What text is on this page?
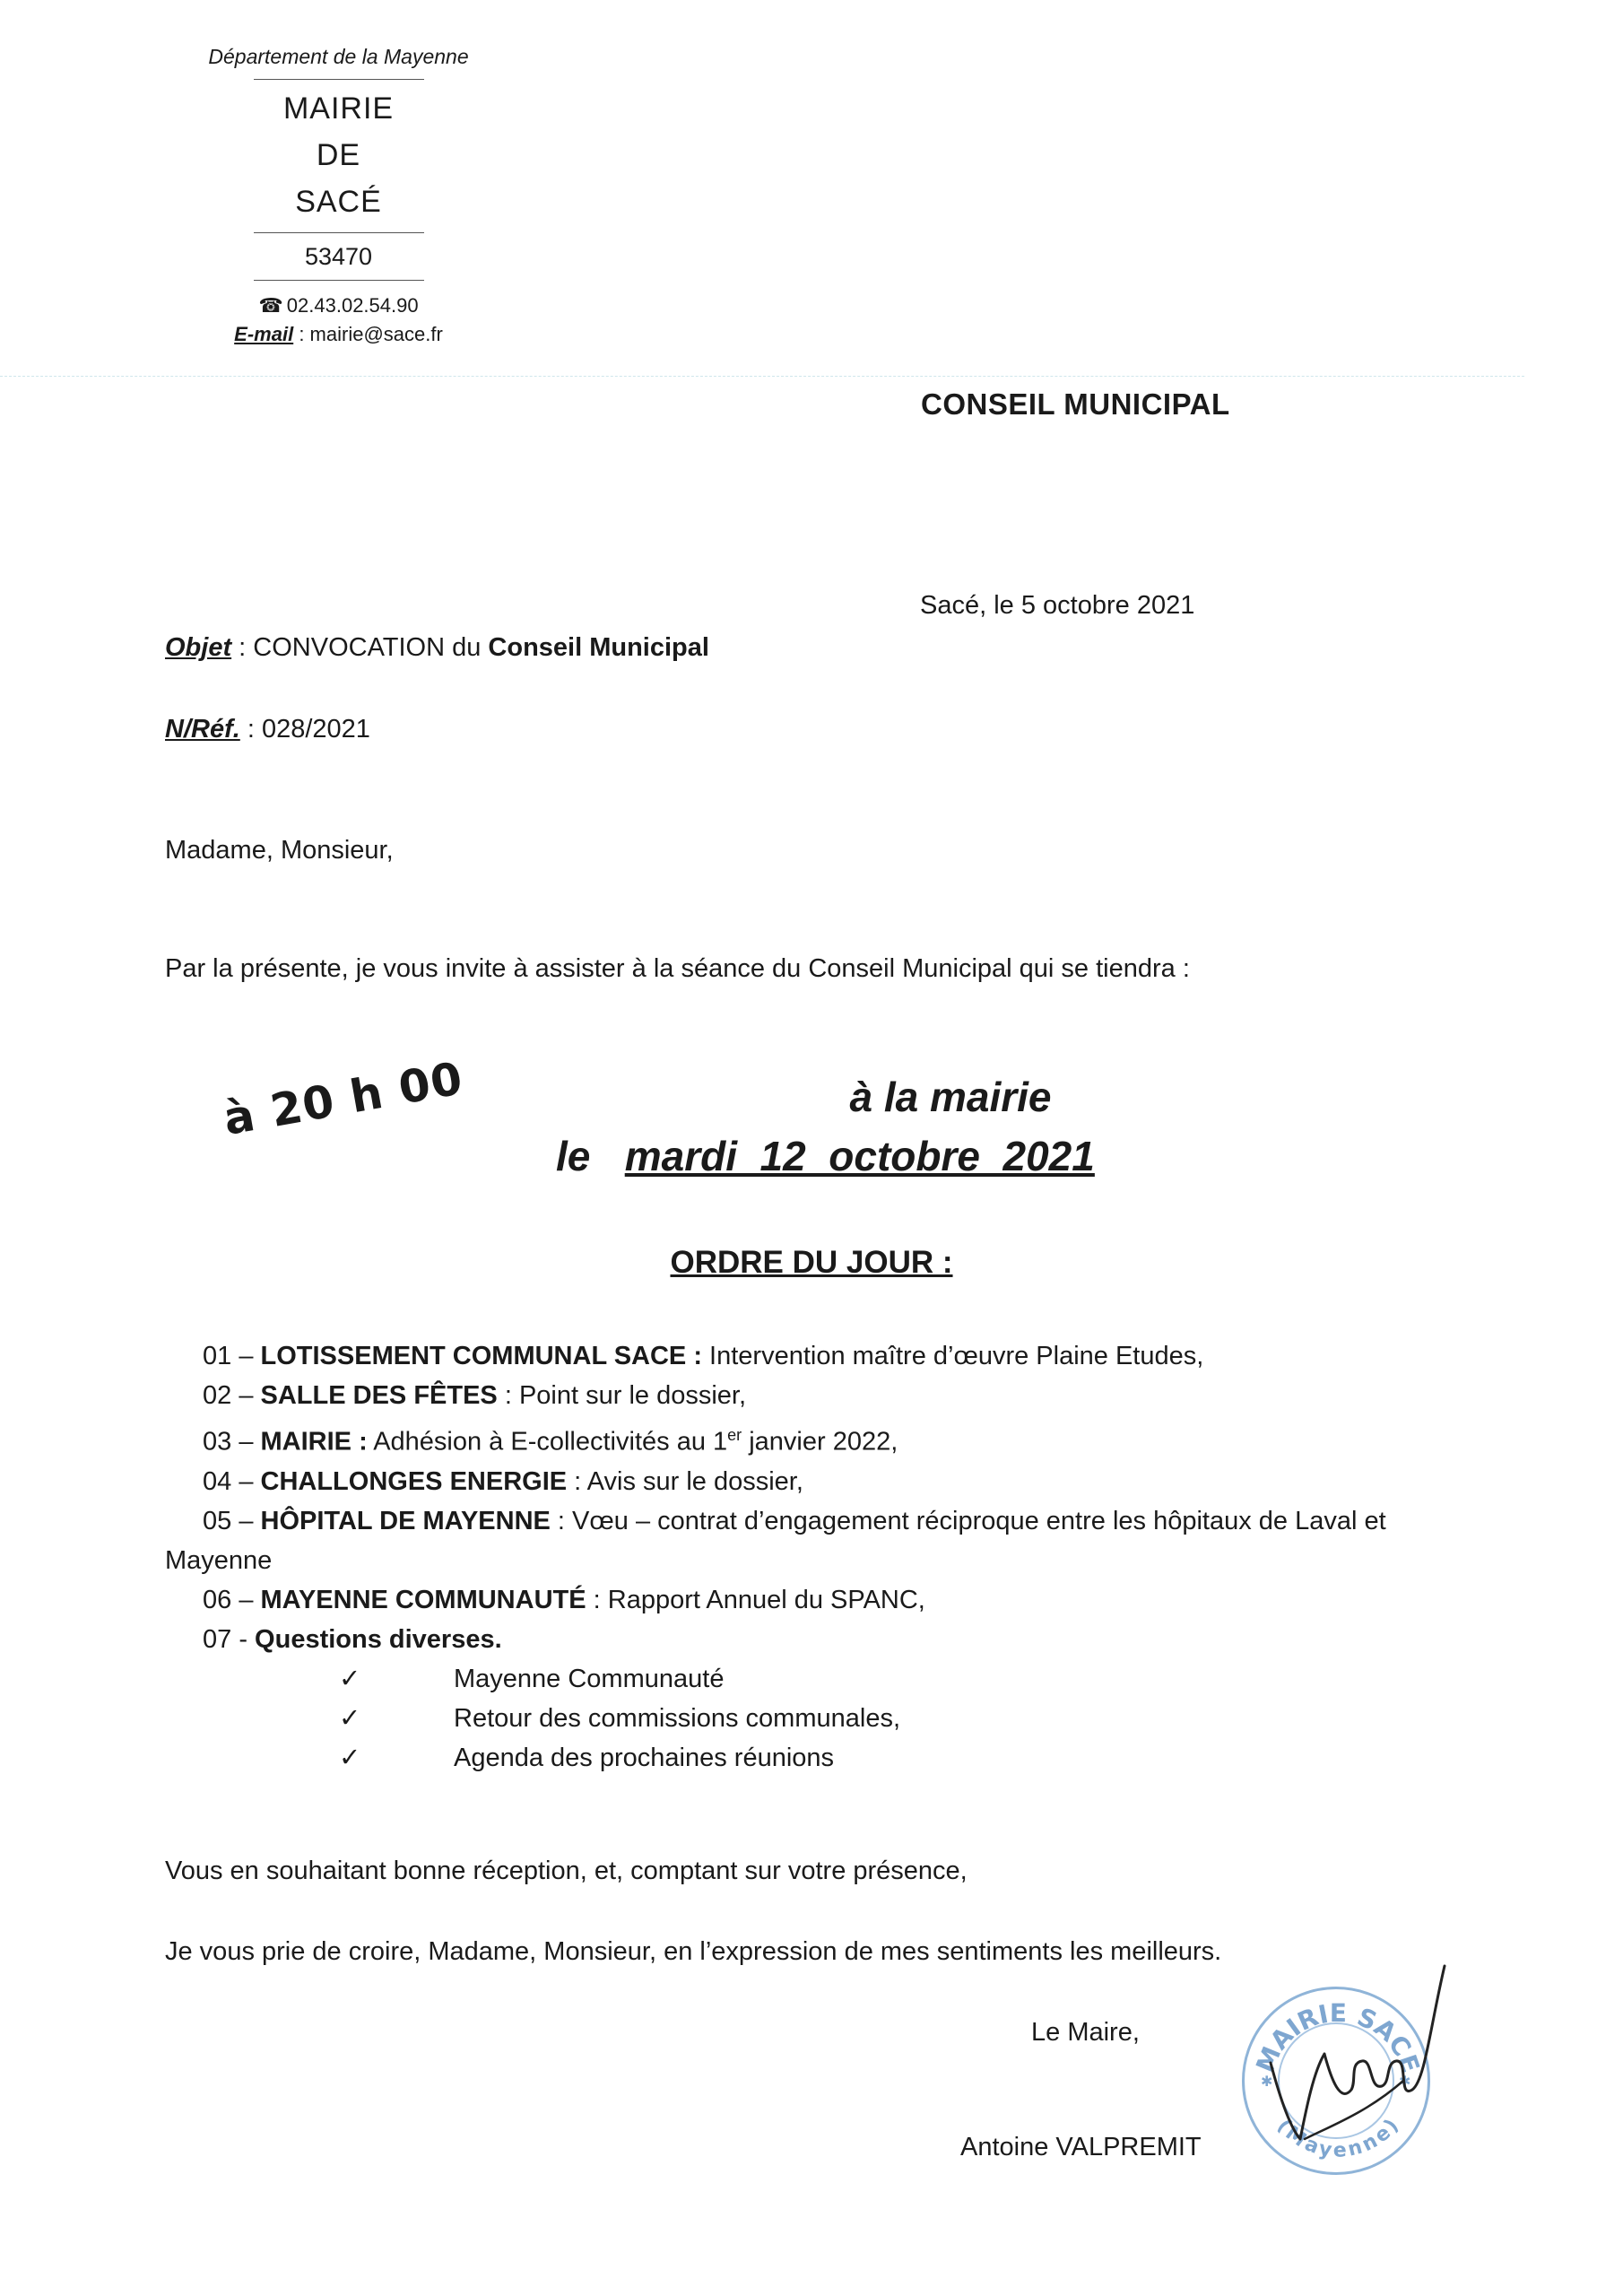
Département de la Mayenne
MAIRIE
DE
SACÉ
53470
☎ 02.43.02.54.90
E-mail : mairie@sace.fr
CONSEIL MUNICIPAL
Sacé, le 5 octobre 2021
Objet : CONVOCATION du Conseil Municipal
N/Réf. : 028/2021
Madame, Monsieur,
Par la présente, je vous invite à assister à la séance du Conseil Municipal qui se tiendra :
à 20 h 00	à la mairie
le mardi  12  octobre  2021
ORDRE DU JOUR :
01 – LOTISSEMENT COMMUNAL SACE : Intervention maître d’œuvre Plaine Etudes,
02 – SALLE DES FÊTES : Point sur le dossier,
03 – MAIRIE : Adhésion à E-collectivités au 1er janvier 2022,
04 – CHALLONGES ENERGIE : Avis sur le dossier,
05 – HÔPITAL DE MAYENNE : Vœu – contrat d’engagement réciproque entre les hôpitaux de Laval et
Mayenne
06 – MAYENNE COMMUNAUTÉ : Rapport Annuel du SPANC,
07 - Questions diverses.
✓	Mayenne Communauté
✓	Retour des commissions communales,
✓	Agenda des prochaines réunions
Vous en souhaitant bonne réception, et, comptant sur votre présence,
Je vous prie de croire, Madame, Monsieur, en l’expression de mes sentiments les meilleurs.
Le Maire,
Antoine VALPREMIT
MAIRIE SACE
(Mayenne)
✱	✱
